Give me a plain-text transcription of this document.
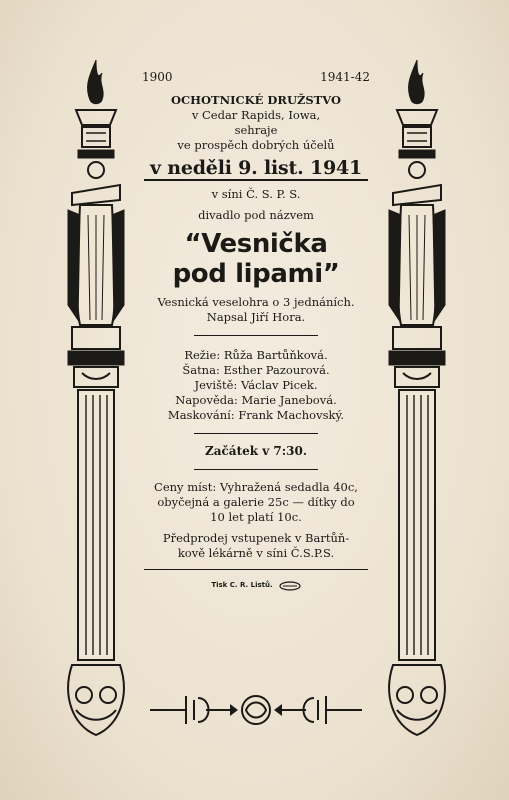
1900	1941-42
OCHOTNICKÉ DRUŽSTVO
v Cedar Rapids, Iowa,
sehraje
ve prospěch dobrých účelů
v neděli 9. list. 1941
v síni Č. S. P. S.
divadlo pod názvem
“Vesnička
pod lipami”
Vesnická veselohra o 3 jednáních.
Napsal Jiří Hora.
Režie: Růža Bartůňková.
Šatna: Esther Pazourová.
Jeviště: Václav Picek.
Napověda: Marie Janebová.
Maskování: Frank Machovský.
Začátek v 7:30.
Ceny míst: Vyhražená sedadla 40c,
obyčejná a galerie 25c — dítky do
10 let platí 10c.
Předprodej vstupenek v Bartůň-
kově lékárně v síni Č.S.P.S.
Tisk C. R. Listů.
